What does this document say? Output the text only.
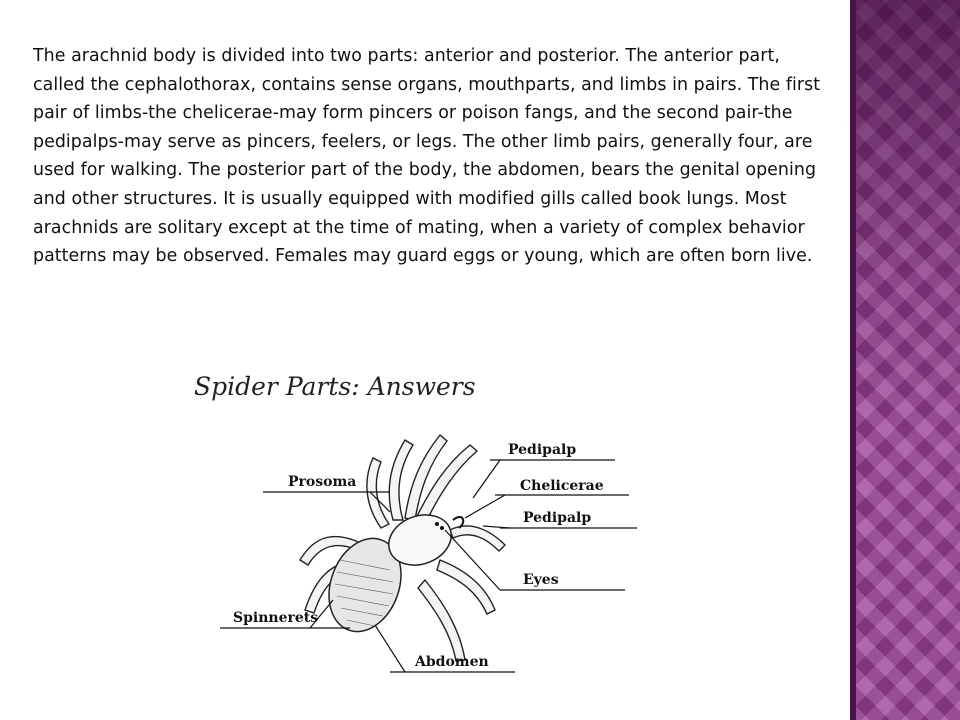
The arachnid body is divided into two parts: anterior and posterior. The anterior part, called the cephalothorax, contains sense organs, mouthparts, and limbs in pairs. The first pair of limbs-the chelicerae-may form pincers or poison fangs, and the second pair-the pedipalps-may serve as pincers, feelers, or legs. The other limb pairs, generally four, are used for walking. The posterior part of the body, the abdomen, bears the genital opening and other structures. It is usually equipped with modified gills called book lungs. Most arachnids are solitary except at the time of mating, when a variety of complex behavior patterns may be observed. Females may guard eggs or young, which are often born live.

Spider Parts: Answers

Pedipalp
Prosoma	Chelicerae
Pedipalp
Eyes
Spinnerets
Abdomen
